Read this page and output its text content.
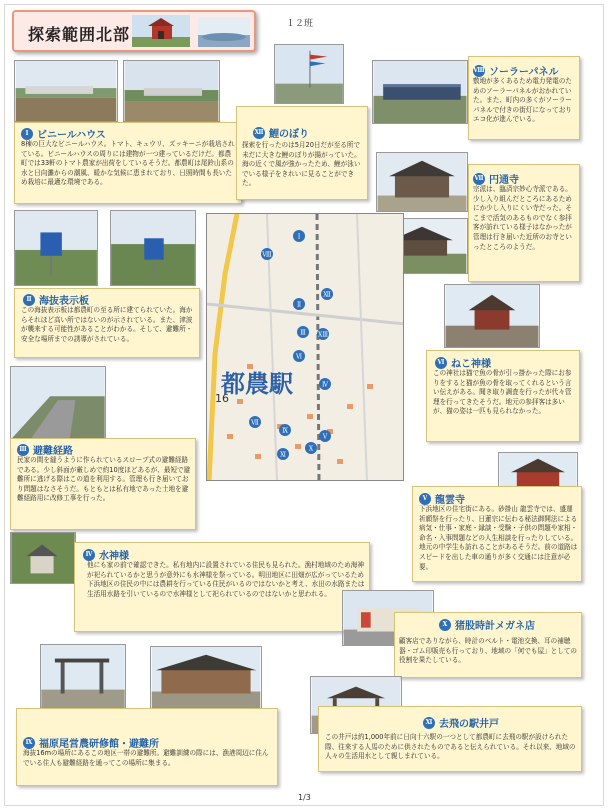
探索範囲北部
１２班
Ⅰ ビニールハウス
8棟の巨大なビニールハウス。トマト、キュウリ、ズッキーニが栽培されている。ビニールハウスの周りには建物が一つ建っているだけだ。都農町では33軒のトマト農家が出荷をしているそうだ。都農町は尾鈴山系の水と日向灘からの潮風、暖かな気候に恵まれており、日照時間も長いため栽培に最適な環境である。
Ⅻ 鯉のぼり
探索を行ったのは5月20日だが至る所で未だに大きな鯉のぼりが揚がっていた。海の近くで風が強かったため、鯉が泳いでいる様子をきれいに見ることができた。
Ⅷ ソーラーパネル
敷地が多くあるため電力発電のためのソーラーパネルがおかれていた。また、町内の多くがソーラーパネルで付きの街灯になっておりエコ化が進んでいる。
Ⅶ 円通寺
宗派は、臨済宗妙心寺派である。少し入り組んだところにあるためにか少し入りにくい寺だった。そこまで活気のあるものでなく参拝客が訪れている様子はなかったが管理は行き届いた近所のお寺といったところのようだ。
Ⅱ 海抜表示板
この海抜表示板は都農町の至る所に建てられていた。海からそれほど高い所ではないのが示されている。また、津波が襲来する可能性があることがわかる。そして、避難所・安全な場所までの誘導がされている。
16
都農駅
Ⅰ
Ⅱ
Ⅲ
Ⅳ
Ⅴ
Ⅵ
Ⅶ
Ⅷ
Ⅸ
Ⅹ
Ⅺ
Ⅻ
ⅩⅢ
Ⅵ ねこ神様
この神社は猫で魚の骨が引っ掛かった際にお参りをすると猫が魚の骨を取ってくれるという言い伝えがある。聞き取り調査を行ったが代々管理を行ってきたそうだ。地元の参拝客は多いが、猫の姿は一匹も見られなかった。
Ⅲ 避難経路
民家の間を縫うように作られているスロープ式の避難経路である。少し斜面が厳しめで約10度ほどあるが、最短で避難所に逃げる際はこの道を利用する。管理も行き届いており問題はなさそうだ。もともとは私有地であった土地を避難経路用に改修工事を行った。	Ⅴ 龍雲寺
下浜地区の住宅街にある。砂掛山 龍雲寺では、盛運祈願祭を行ったり、日蓮宗に伝わる秘法御開法による病気・仕事・家庭・縁談・受験・子供の問題や家相・命名・入事問題などの人生相談を行ったりしている。地元の中学生も訪れることがあるそうだ。前の道路はスピードを出した車の通りが多く交通には注意が必要。
Ⅳ 水神様
他にも家の前で確認できた。私有地内に設置されている住民も見られた。漁村地域のため海神が祀られているかと思うが意外にも水神様を祭っている。明田地区に田畑が広がっているため下浜地区の住民の中には農耕を行っている住民がいるのではないかと考え、水田の水路または生活用水路を引いているので水神様として祀られているのではないかと思われる。
Ⅹ 猪股時計メガネ店
顧客店でありながら、時計のベルト・電池交換、耳の補聴器・ゴム印販売も行っており、地域の「何でも屋」としての役割を果たしている。
Ⅸ 福原尾営農研修館・避難所
海抜16mの場所にあるこの地区一帯の避難所。避難訓練の際には、漁港周辺に住んでいる住人も避難経路を通ってこの場所に集まる。
Ⅺ 去飛の駅井戸
この井戸は約1,000年前に日向十六駅の一つとして都農町に去飛の駅が設けられた際、往来する人馬のために供されたものであると伝えられている。それ以来、地域の人々の生活用水として親しまれている。
1/3
